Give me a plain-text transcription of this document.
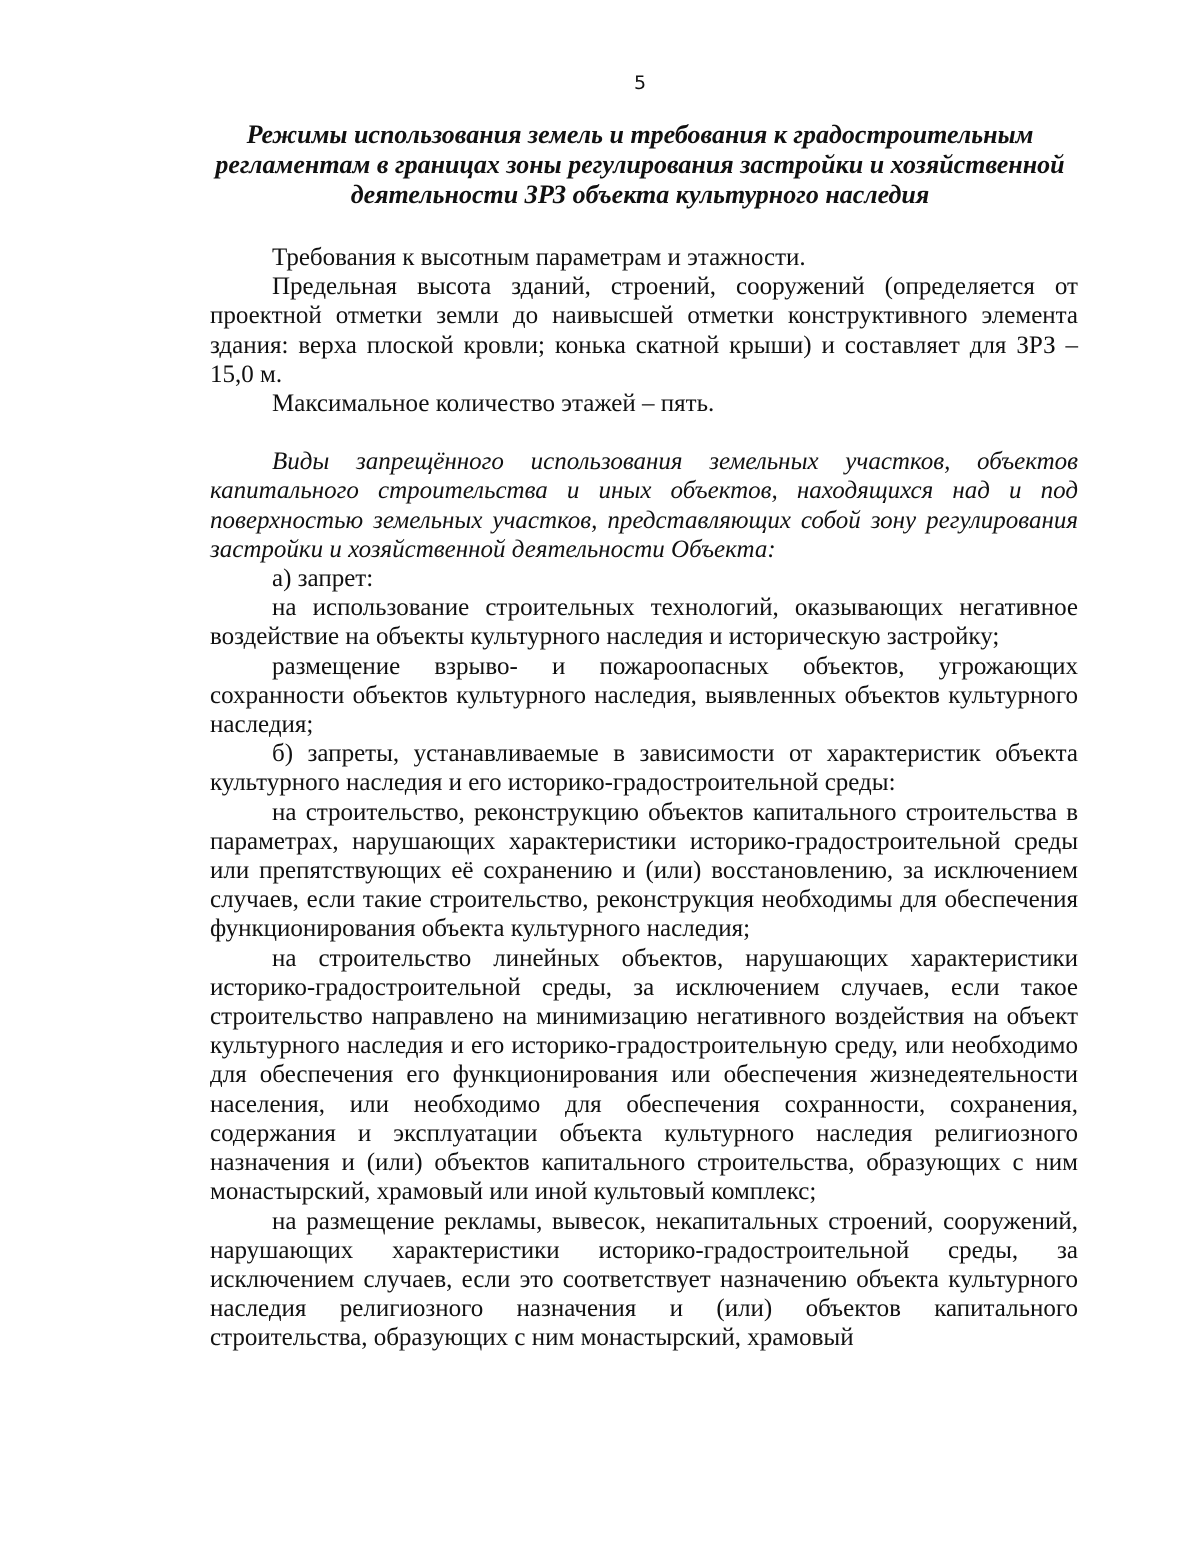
5
Режимы использования земель и требования к градостроительным
регламентам в границах зоны регулирования застройки и хозяйственной
деятельности ЗРЗ объекта культурного наследия

Требования к высотным параметрам и этажности.

Предельная высота зданий, строений, сооружений (определяется от проектной отметки земли до наивысшей отметки конструктивного элемента здания: верха плоской кровли; конька скатной крыши) и составляет для ЗРЗ – 15,0 м.

Максимальное количество этажей – пять.

Виды запрещённого использования земельных участков, объектов капитального строительства и иных объектов, находящихся над и под поверхностью земельных участков, представляющих собой зону регулирования застройки и хозяйственной деятельности Объекта:

а) запрет:

на использование строительных технологий, оказывающих негативное воздействие на объекты культурного наследия и историческую застройку;

размещение взрыво- и пожароопасных объектов, угрожающих сохранности объектов культурного наследия, выявленных объектов культурного наследия;

б) запреты, устанавливаемые в зависимости от характеристик объекта культурного наследия и его историко-градостроительной среды:

на строительство, реконструкцию объектов капитального строительства в параметрах, нарушающих характеристики историко-градостроительной среды или препятствующих её сохранению и (или) восстановлению, за исключением случаев, если такие строительство, реконструкция необходимы для обеспечения функционирования объекта культурного наследия;

на строительство линейных объектов, нарушающих характеристики историко-градостроительной среды, за исключением случаев, если такое строительство направлено на минимизацию негативного воздействия на объект культурного наследия и его историко-градостроительную среду, или необходимо для обеспечения его функционирования или обеспечения жизнедеятельности населения, или необходимо для обеспечения сохранности, сохранения, содержания и эксплуатации объекта культурного наследия религиозного назначения и (или) объектов капитального строительства, образующих с ним монастырский, храмовый или иной культовый комплекс;

на размещение рекламы, вывесок, некапитальных строений, сооружений, нарушающих характеристики историко-градостроительной среды, за исключением случаев, если это соответствует назначению объекта культурного наследия религиозного назначения и (или) объектов капитального строительства, образующих с ним монастырский, храмовый
